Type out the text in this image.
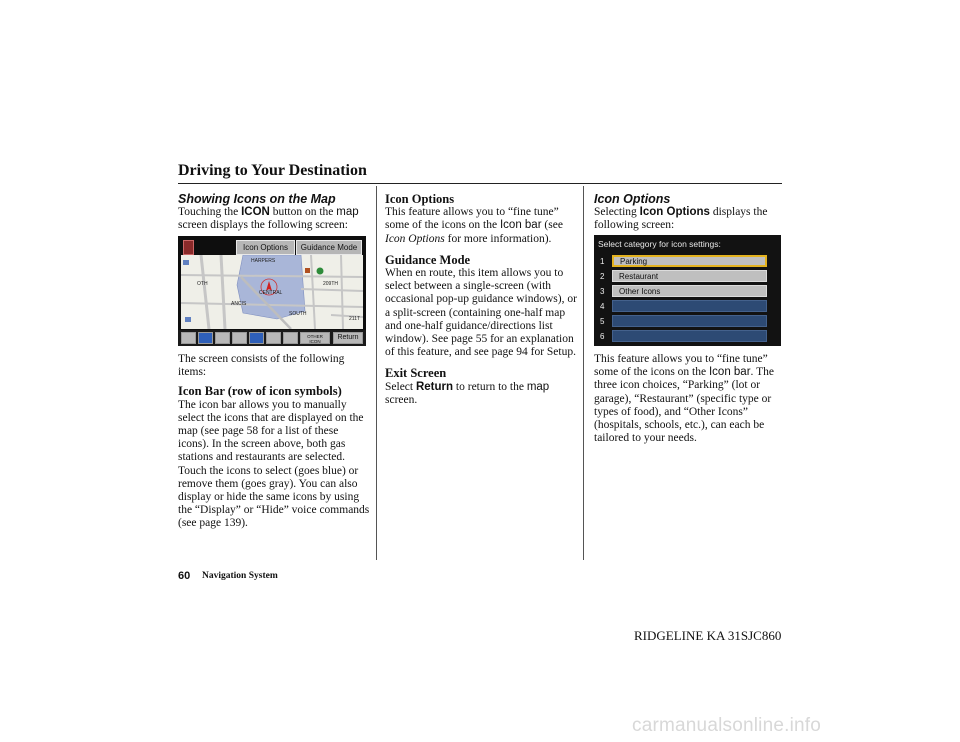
Driving to Your Destination

Showing Icons on the Map

Touching the ICON button on the map screen displays the following screen:

Icon Options	Guidance Mode
HARPERS
CENTRAL
SOUTH
209TH
211T
ANCIS
OTH
OTHER ICON
Return

The screen consists of the following items:

Icon Bar (row of icon symbols)

The icon bar allows you to manually select the icons that are displayed on the map (see page 58 for a list of these icons). In the screen above, both gas stations and restaurants are selected. Touch the icons to select (goes blue) or remove them (goes gray). You can also display or hide the same icons by using the “Display” or “Hide” voice commands (see page 139).

Icon Options

This feature allows you to “fine tune” some of the icons on the Icon bar (see Icon Options for more information).

Guidance Mode

When en route, this item allows you to select between a single-screen (with occasional pop-up guidance windows), or a split-screen (containing one-half map and one-half guidance/directions list window). See page 55 for an explanation of this feature, and see page 94 for Setup.

Exit Screen

Select Return to return to the map screen.

Icon Options

Selecting Icon Options displays the following screen:

Select category for icon settings:
1	Parking
2	Restaurant
3	Other Icons
4
5
6

This feature allows you to “fine tune” some of the icons on the Icon bar. The three icon choices, “Parking” (lot or garage), “Restaurant” (specific type or types of food), and “Other Icons” (hospitals, schools, etc.), can each be tailored to your needs.

60 Navigation System
RIDGELINE KA 31SJC860
carmanualsonline.info
